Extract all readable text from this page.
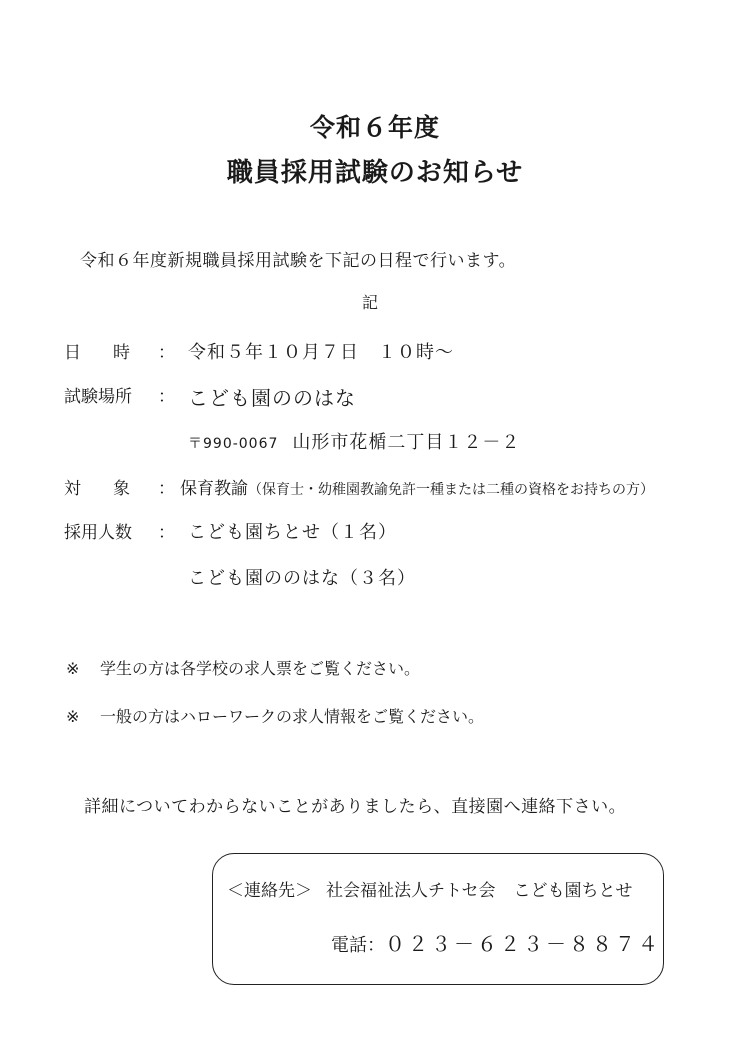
令和６年度
職員採用試験のお知らせ
令和６年度新規職員採用試験を下記の日程で行います。
記
日 時 ： 令和５年１０月７日　１０時～
試験場所 ： こども園ののはな
〒990-0067 山形市花楯二丁目１２－２
対 象 ： 保育教諭（保育士・幼稚園教諭免許一種または二種の資格をお持ちの方）
採用人数 ： こども園ちとせ（１名）
こども園ののはな（３名）
※ 学生の方は各学校の求人票をご覧ください。
※ 一般の方はハローワークの求人情報をご覧ください。
詳細についてわからないことがありましたら、直接園へ連絡下さい。
＜連絡先＞ 社会福祉法人チトセ会 こども園ちとせ
電話：０２３－６２３－８８７４
